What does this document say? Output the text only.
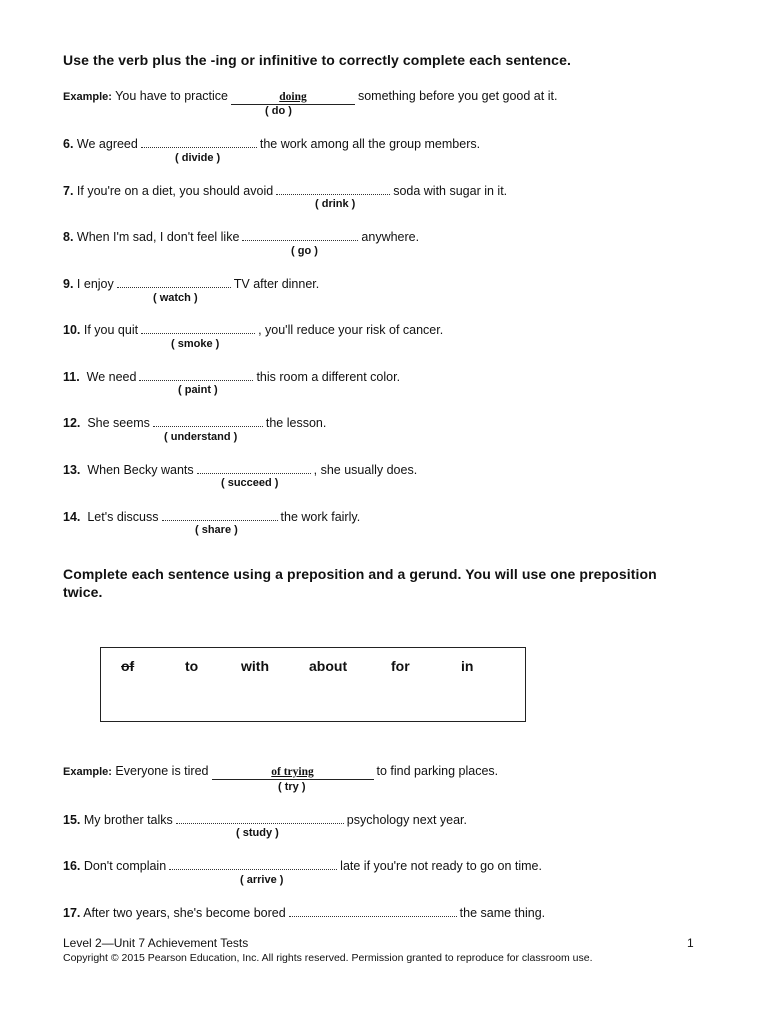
Use the verb plus the -ing or infinitive to correctly complete each sentence.
Example: You have to practice	doing	something before you get good at it.
( do )
6. We agreed	the work among all the group members.
( divide )
7. If you're on a diet, you should avoid	soda with sugar in it.
( drink )
8. When I'm sad, I don't feel like	anywhere.
( go )
9. I enjoy	TV after dinner.
( watch )
10. If you quit	, you'll reduce your risk of cancer.
( smoke )
11. We need	this room a different color.
( paint )
12. She seems	the lesson.
( understand )
13. When Becky wants	, she usually does.
( succeed )
14. Let's discuss	the work fairly.
( share )
Complete each sentence using a preposition and a gerund. You will use one preposition
twice.
of	to	with	about	for	in
Example: Everyone is tired	of trying	to find parking places.
( try )
15. My brother talks	psychology next year.
( study )
16. Don't complain	late if you're not ready to go on time.
( arrive )
17. After two years, she's become bored	the same thing.
Level 2—Unit 7 Achievement Tests	1
Copyright © 2015 Pearson Education, Inc. All rights reserved. Permission granted to reproduce for classroom use.
